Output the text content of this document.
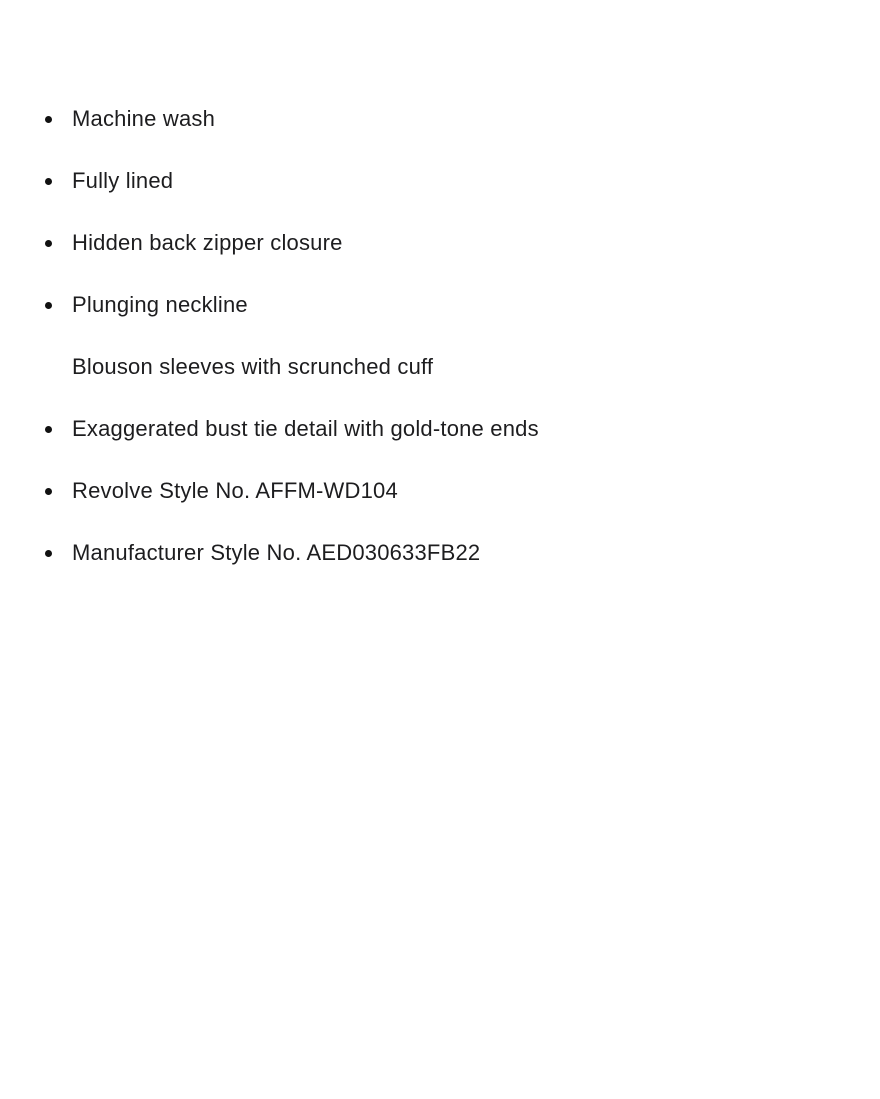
Machine wash
Fully lined
Hidden back zipper closure
Plunging neckline
Blouson sleeves with scrunched cuff
Exaggerated bust tie detail with gold-tone ends
Revolve Style No. AFFM-WD104
Manufacturer Style No. AED030633FB22
